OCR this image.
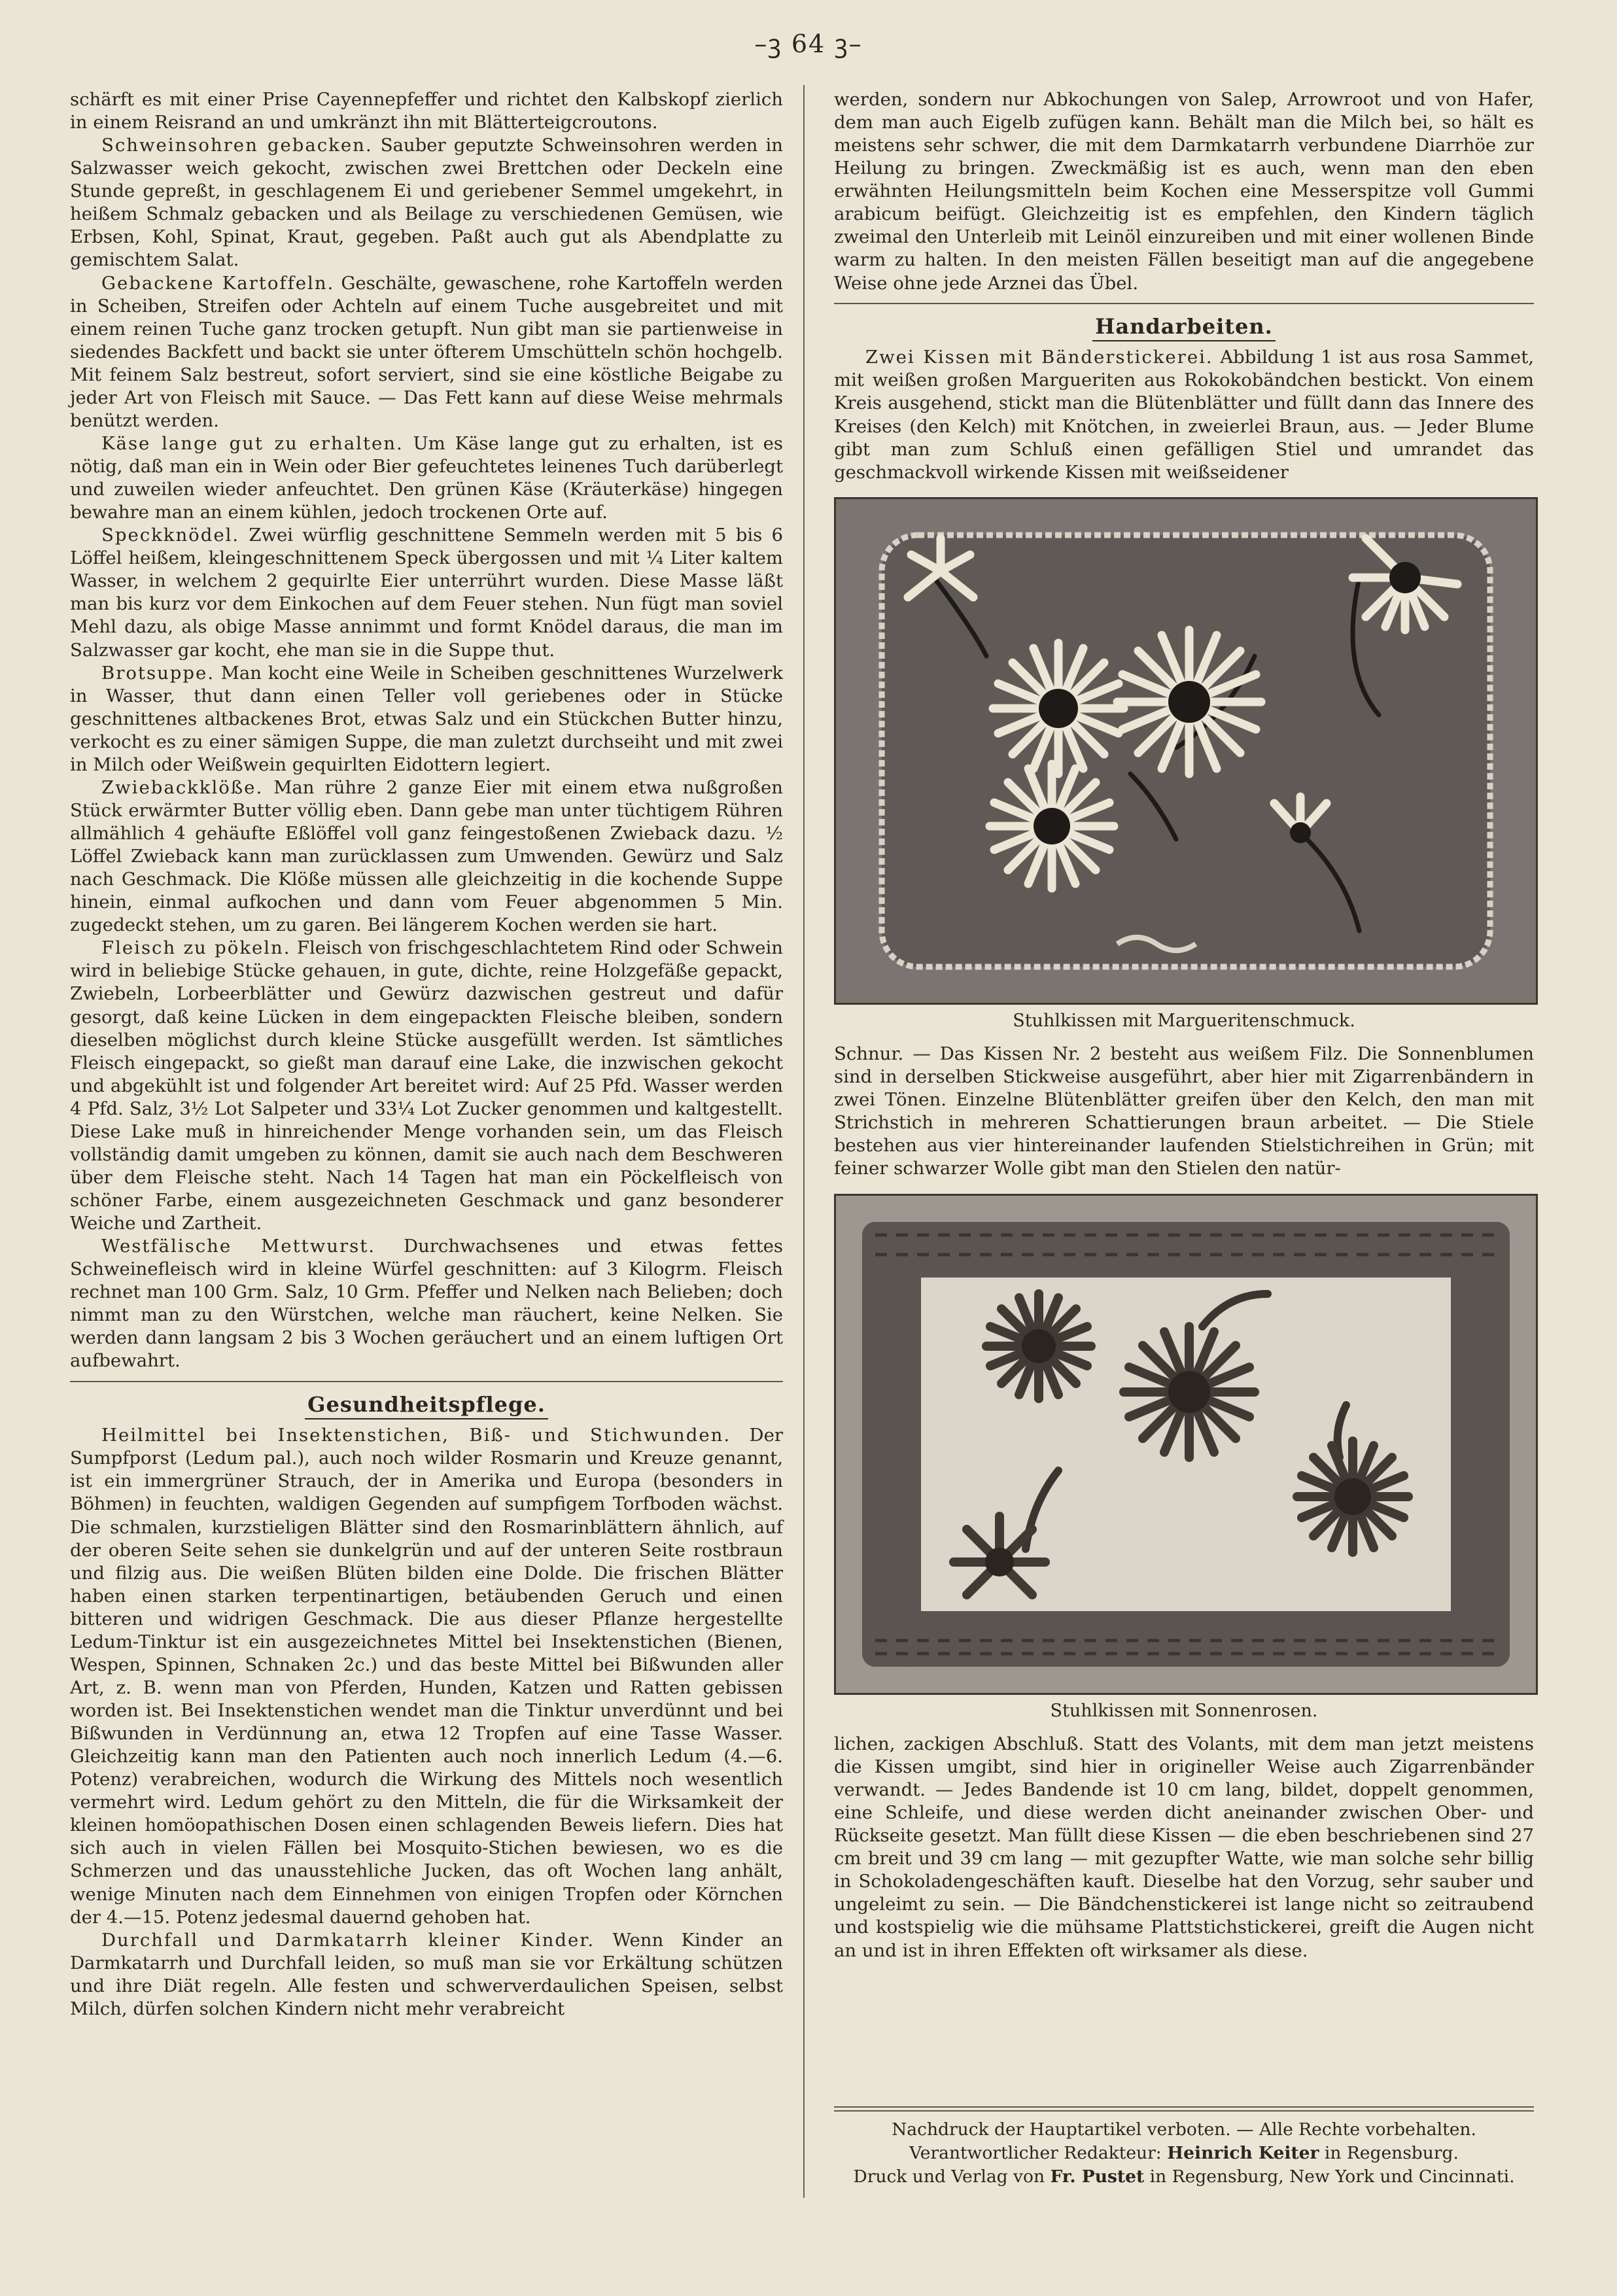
–ꝫ 64 ꝫ–

schärft es mit einer Prise Cayennepfeffer und richtet den Kalbskopf zierlich in einem Reisrand an und umkränzt ihn mit Blätterteigcroutons.

Schweinsohren gebacken. Sauber geputzte Schweinsohren werden in Salzwasser weich gekocht, zwischen zwei Brettchen oder Deckeln eine Stunde gepreßt, in geschlagenem Ei und geriebener Semmel umgekehrt, in heißem Schmalz gebacken und als Beilage zu verschiedenen Gemüsen, wie Erbsen, Kohl, Spinat, Kraut, gegeben. Paßt auch gut als Abendplatte zu gemischtem Salat.

Gebackene Kartoffeln. Geschälte, gewaschene, rohe Kartoffeln werden in Scheiben, Streifen oder Achteln auf einem Tuche ausgebreitet und mit einem reinen Tuche ganz trocken getupft. Nun gibt man sie partienweise in siedendes Backfett und backt sie unter öfterem Umschütteln schön hochgelb. Mit feinem Salz bestreut, sofort serviert, sind sie eine köstliche Beigabe zu jeder Art von Fleisch mit Sauce. — Das Fett kann auf diese Weise mehrmals benützt werden.

Käse lange gut zu erhalten. Um Käse lange gut zu erhalten, ist es nötig, daß man ein in Wein oder Bier gefeuchtetes leinenes Tuch darüberlegt und zuweilen wieder anfeuchtet. Den grünen Käse (Kräuterkäse) hingegen bewahre man an einem kühlen, jedoch trockenen Orte auf.

Speckknödel. Zwei würflig geschnittene Semmeln werden mit 5 bis 6 Löffel heißem, kleingeschnittenem Speck übergossen und mit ¼ Liter kaltem Wasser, in welchem 2 gequirlte Eier unterrührt wurden. Diese Masse läßt man bis kurz vor dem Einkochen auf dem Feuer stehen. Nun fügt man soviel Mehl dazu, als obige Masse annimmt und formt Knödel daraus, die man im Salzwasser gar kocht, ehe man sie in die Suppe thut.

Brotsuppe. Man kocht eine Weile in Scheiben geschnittenes Wurzelwerk in Wasser, thut dann einen Teller voll geriebenes oder in Stücke geschnittenes altbackenes Brot, etwas Salz und ein Stückchen Butter hinzu, verkocht es zu einer sämigen Suppe, die man zuletzt durchseiht und mit zwei in Milch oder Weißwein gequirlten Eidottern legiert.

Zwiebackklöße. Man rühre 2 ganze Eier mit einem etwa nußgroßen Stück erwärmter Butter völlig eben. Dann gebe man unter tüchtigem Rühren allmählich 4 gehäufte Eßlöffel voll ganz feingestoßenen Zwieback dazu. ½ Löffel Zwieback kann man zurücklassen zum Umwenden. Gewürz und Salz nach Geschmack. Die Klöße müssen alle gleichzeitig in die kochende Suppe hinein, einmal aufkochen und dann vom Feuer abgenommen 5 Min. zugedeckt stehen, um zu garen. Bei längerem Kochen werden sie hart.

Fleisch zu pökeln. Fleisch von frischgeschlachtetem Rind oder Schwein wird in beliebige Stücke gehauen, in gute, dichte, reine Holzgefäße gepackt, Zwiebeln, Lorbeerblätter und Gewürz dazwischen gestreut und dafür gesorgt, daß keine Lücken in dem eingepackten Fleische bleiben, sondern dieselben möglichst durch kleine Stücke ausgefüllt werden. Ist sämtliches Fleisch eingepackt, so gießt man darauf eine Lake, die inzwischen gekocht und abgekühlt ist und folgender Art bereitet wird: Auf 25 Pfd. Wasser werden 4 Pfd. Salz, 3½ Lot Salpeter und 33¼ Lot Zucker genommen und kaltgestellt. Diese Lake muß in hinreichender Menge vorhanden sein, um das Fleisch vollständig damit umgeben zu können, damit sie auch nach dem Beschweren über dem Fleische steht. Nach 14 Tagen hat man ein Pöckelfleisch von schöner Farbe, einem ausgezeichneten Geschmack und ganz besonderer Weiche und Zartheit.

Westfälische Mettwurst. Durchwachsenes und etwas fettes Schweinefleisch wird in kleine Würfel geschnitten: auf 3 Kilogrm. Fleisch rechnet man 100 Grm. Salz, 10 Grm. Pfeffer und Nelken nach Belieben; doch nimmt man zu den Würstchen, welche man räuchert, keine Nelken. Sie werden dann langsam 2 bis 3 Wochen geräuchert und an einem luftigen Ort aufbewahrt.

Gesundheitspflege.

Heilmittel bei Insektenstichen, Biß- und Stichwunden. Der Sumpfporst (Ledum pal.), auch noch wilder Rosmarin und Kreuze genannt, ist ein immergrüner Strauch, der in Amerika und Europa (besonders in Böhmen) in feuchten, waldigen Gegenden auf sumpfigem Torfboden wächst. Die schmalen, kurzstieligen Blätter sind den Rosmarinblättern ähnlich, auf der oberen Seite sehen sie dunkelgrün und auf der unteren Seite rostbraun und filzig aus. Die weißen Blüten bilden eine Dolde. Die frischen Blätter haben einen starken terpentinartigen, betäubenden Geruch und einen bitteren und widrigen Geschmack. Die aus dieser Pflanze hergestellte Ledum-Tinktur ist ein ausgezeichnetes Mittel bei Insektenstichen (Bienen, Wespen, Spinnen, Schnaken 2c.) und das beste Mittel bei Bißwunden aller Art, z. B. wenn man von Pferden, Hunden, Katzen und Ratten gebissen worden ist. Bei Insektenstichen wendet man die Tinktur unverdünnt und bei Bißwunden in Verdünnung an, etwa 12 Tropfen auf eine Tasse Wasser. Gleichzeitig kann man den Patienten auch noch innerlich Ledum (4.—6. Potenz) verabreichen, wodurch die Wirkung des Mittels noch wesentlich vermehrt wird. Ledum gehört zu den Mitteln, die für die Wirksamkeit der kleinen homöopathischen Dosen einen schlagenden Beweis liefern. Dies hat sich auch in vielen Fällen bei Mosquito-Stichen bewiesen, wo es die Schmerzen und das unausstehliche Jucken, das oft Wochen lang anhält, wenige Minuten nach dem Einnehmen von einigen Tropfen oder Körnchen der 4.—15. Potenz jedesmal dauernd gehoben hat.

Durchfall und Darmkatarrh kleiner Kinder. Wenn Kinder an Darmkatarrh und Durchfall leiden, so muß man sie vor Erkältung schützen und ihre Diät regeln. Alle festen und schwerverdaulichen Speisen, selbst Milch, dürfen solchen Kindern nicht mehr verabreicht

werden, sondern nur Abkochungen von Salep, Arrowroot und von Hafer, dem man auch Eigelb zufügen kann. Behält man die Milch bei, so hält es meistens sehr schwer, die mit dem Darmkatarrh verbundene Diarrhöe zur Heilung zu bringen. Zweckmäßig ist es auch, wenn man den eben erwähnten Heilungsmitteln beim Kochen eine Messerspitze voll Gummi arabicum beifügt. Gleichzeitig ist es empfehlen, den Kindern täglich zweimal den Unterleib mit Leinöl einzureiben und mit einer wollenen Binde warm zu halten. In den meisten Fällen beseitigt man auf die angegebene Weise ohne jede Arznei das Übel.

Handarbeiten.

Zwei Kissen mit Bänderstickerei. Abbildung 1 ist aus rosa Sammet, mit weißen großen Margueriten aus Rokokobändchen bestickt. Von einem Kreis ausgehend, stickt man die Blütenblätter und füllt dann das Innere des Kreises (den Kelch) mit Knötchen, in zweierlei Braun, aus. — Jeder Blume gibt man zum Schluß einen gefälligen Stiel und umrandet das geschmackvoll wirkende Kissen mit weißseidener

Stuhlkissen mit Margueritenschmuck.

Schnur. — Das Kissen Nr. 2 besteht aus weißem Filz. Die Sonnenblumen sind in derselben Stickweise ausgeführt, aber hier mit Zigarrenbändern in zwei Tönen. Einzelne Blütenblätter greifen über den Kelch, den man mit Strichstich in mehreren Schattierungen braun arbeitet. — Die Stiele bestehen aus vier hintereinander laufenden Stielstichreihen in Grün; mit feiner schwarzer Wolle gibt man den Stielen den natür-

Stuhlkissen mit Sonnenrosen.

lichen, zackigen Abschluß. Statt des Volants, mit dem man jetzt meistens die Kissen umgibt, sind hier in origineller Weise auch Zigarrenbänder verwandt. — Jedes Bandende ist 10 cm lang, bildet, doppelt genommen, eine Schleife, und diese werden dicht aneinander zwischen Ober- und Rückseite gesetzt. Man füllt diese Kissen — die eben beschriebenen sind 27 cm breit und 39 cm lang — mit gezupfter Watte, wie man solche sehr billig in Schokoladengeschäften kauft. Dieselbe hat den Vorzug, sehr sauber und ungeleimt zu sein. — Die Bändchenstickerei ist lange nicht so zeitraubend und kostspielig wie die mühsame Plattstichstickerei, greift die Augen nicht an und ist in ihren Effekten oft wirksamer als diese.

Nachdruck der Hauptartikel verboten. — Alle Rechte vorbehalten.
Verantwortlicher Redakteur: Heinrich Keiter in Regensburg.
Druck und Verlag von Fr. Pustet in Regensburg, New York und Cincinnati.
